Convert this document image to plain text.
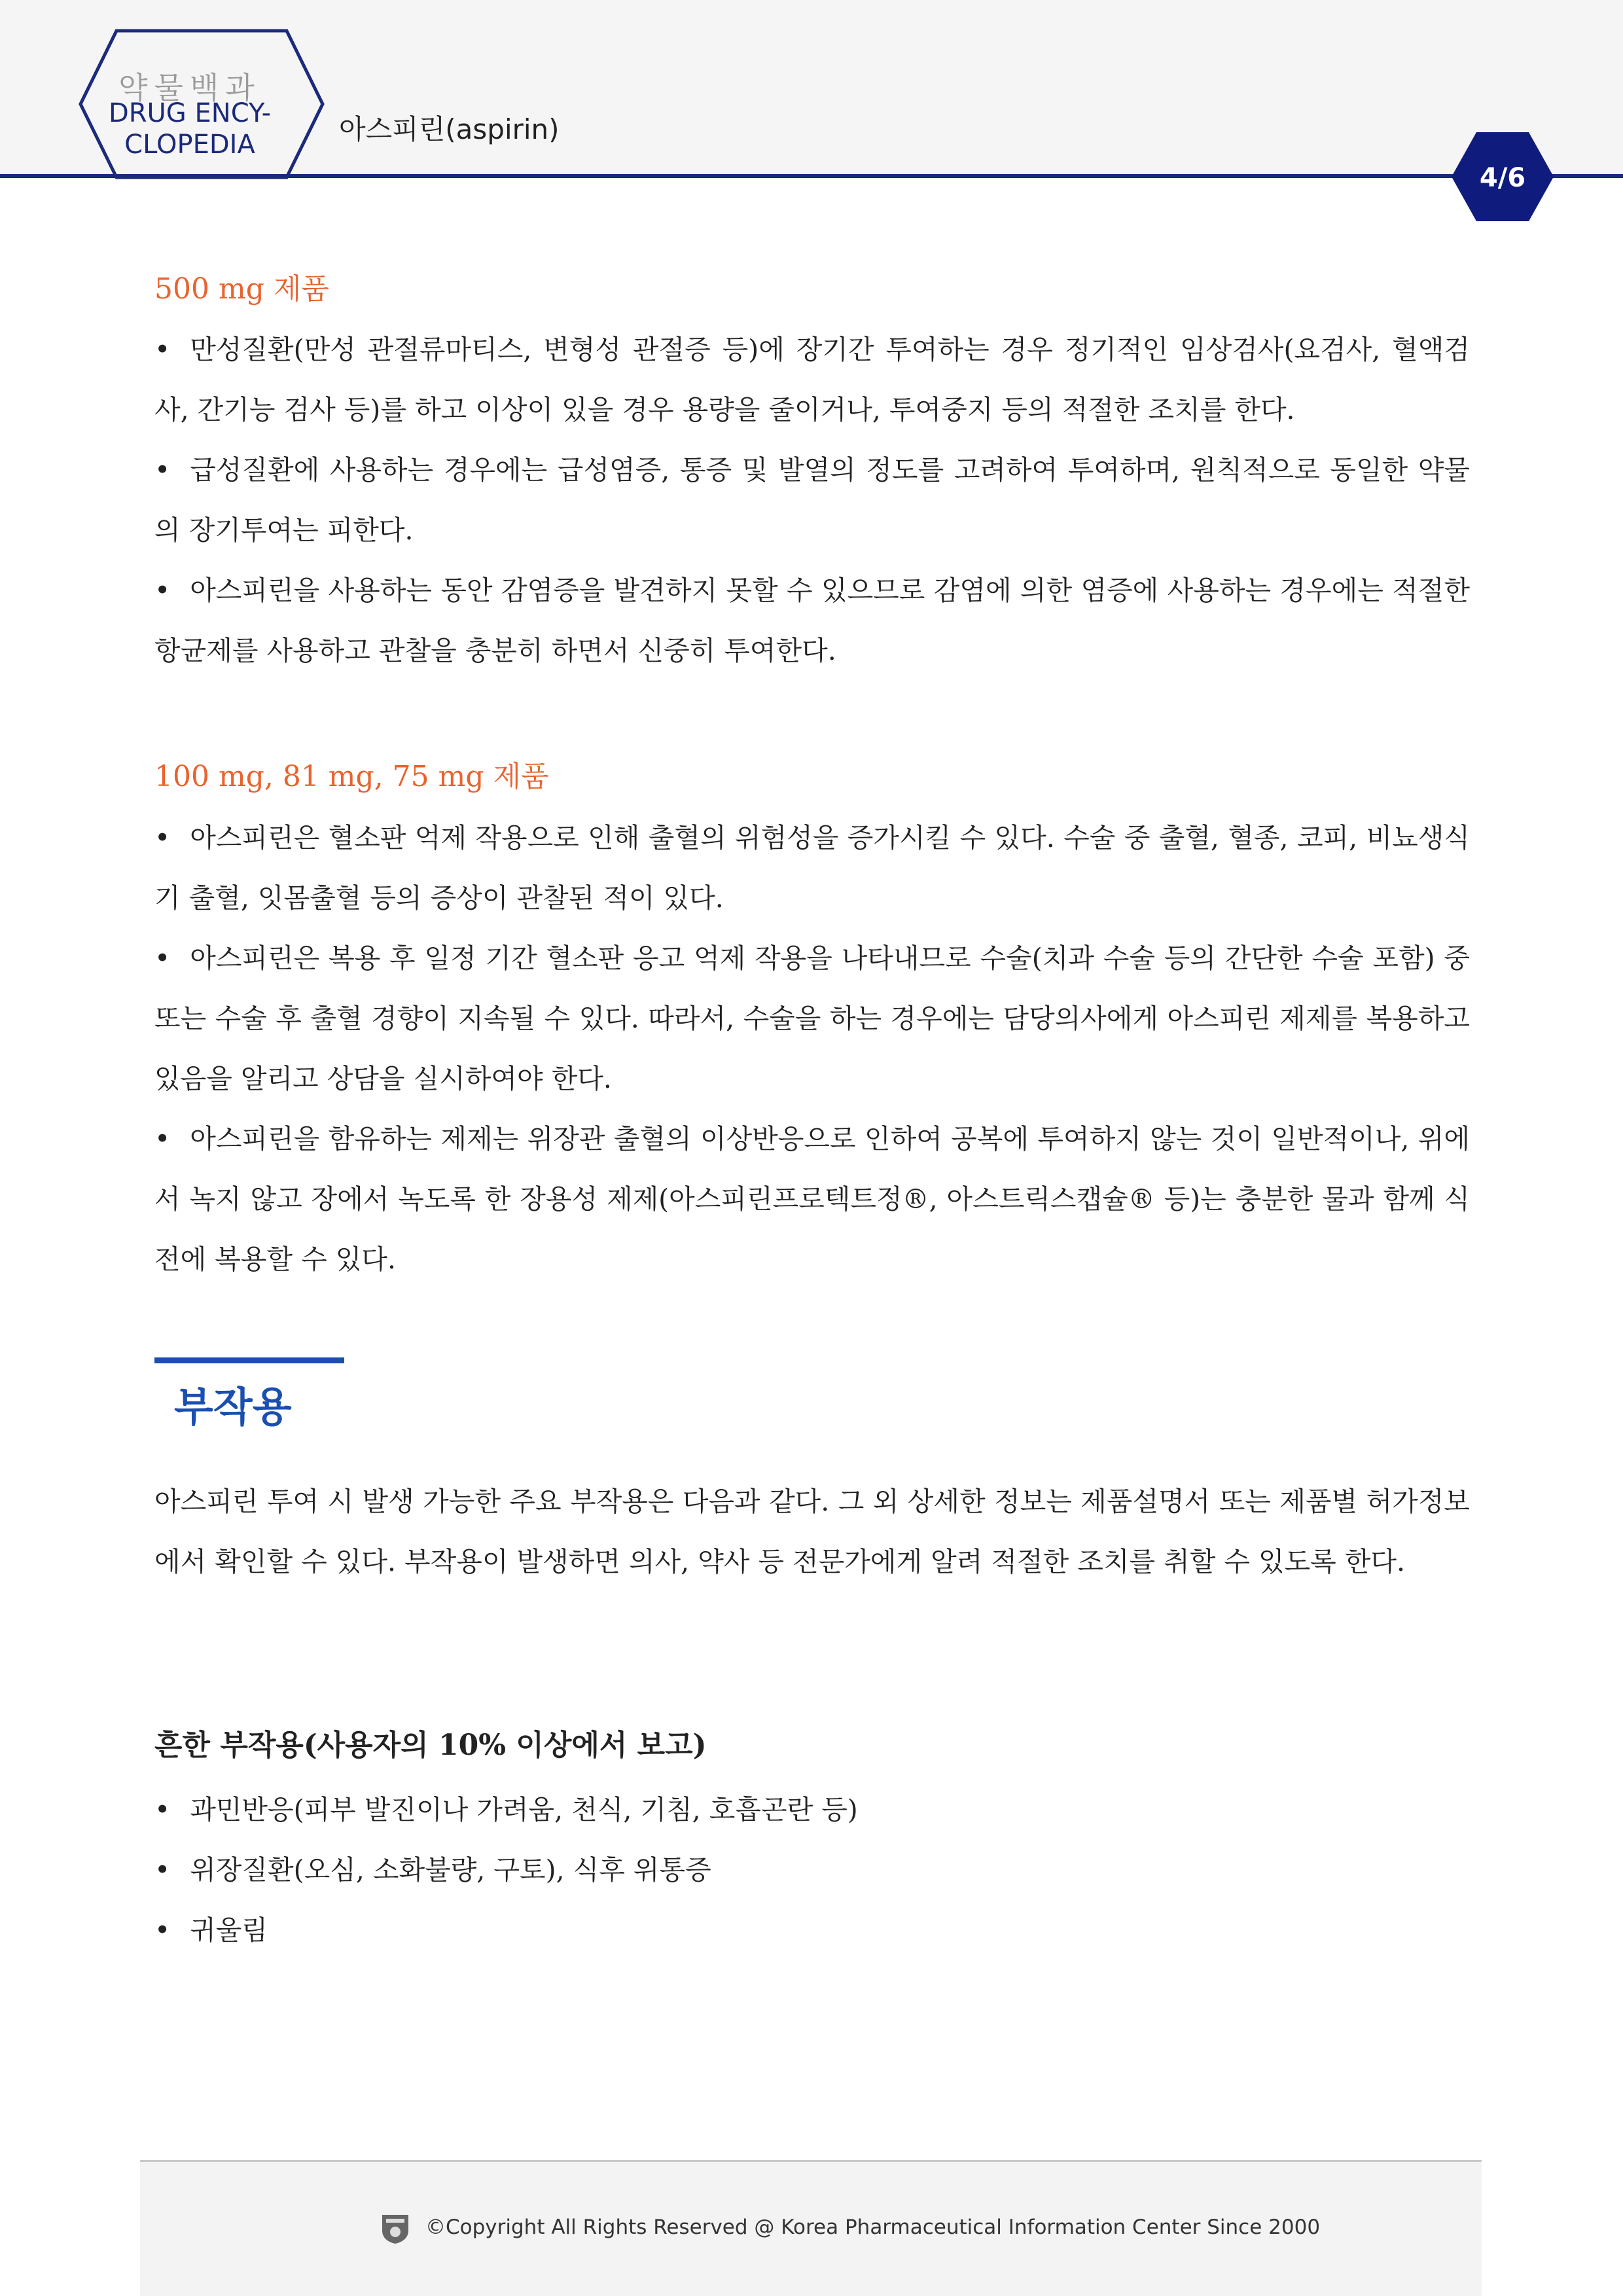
약물백과
DRUG ENCY-
CLOPEDIA	아스피린(aspirin)
4/6

500 mg 제품

• 만성질환(만성 관절류마티스, 변형성 관절증 등)에 장기간 투여하는 경우 정기적인 임상검사(요검사, 혈액검사, 간기능 검사 등)를 하고 이상이 있을 경우 용량을 줄이거나, 투여중지 등의 적절한 조치를 한다.

• 급성질환에 사용하는 경우에는 급성염증, 통증 및 발열의 정도를 고려하여 투여하며, 원칙적으로 동일한 약물의 장기투여는 피한다.

• 아스피린을 사용하는 동안 감염증을 발견하지 못할 수 있으므로 감염에 의한 염증에 사용하는 경우에는 적절한 항균제를 사용하고 관찰을 충분히 하면서 신중히 투여한다.

100 mg, 81 mg, 75 mg 제품

• 아스피린은 혈소판 억제 작용으로 인해 출혈의 위험성을 증가시킬 수 있다. 수술 중 출혈, 혈종, 코피, 비뇨생식기 출혈, 잇몸출혈 등의 증상이 관찰된 적이 있다.

• 아스피린은 복용 후 일정 기간 혈소판 응고 억제 작용을 나타내므로 수술(치과 수술 등의 간단한 수술 포함) 중 또는 수술 후 출혈 경향이 지속될 수 있다. 따라서, 수술을 하는 경우에는 담당의사에게 아스피린 제제를 복용하고 있음을 알리고 상담을 실시하여야 한다.

• 아스피린을 함유하는 제제는 위장관 출혈의 이상반응으로 인하여 공복에 투여하지 않는 것이 일반적이나, 위에서 녹지 않고 장에서 녹도록 한 장용성 제제(아스피린프로텍트정®, 아스트릭스캡슐® 등)는 충분한 물과 함께 식전에 복용할 수 있다.

부작용

아스피린 투여 시 발생 가능한 주요 부작용은 다음과 같다. 그 외 상세한 정보는 제품설명서 또는 제품별 허가정보에서 확인할 수 있다. 부작용이 발생하면 의사, 약사 등 전문가에게 알려 적절한 조치를 취할 수 있도록 한다.

흔한 부작용(사용자의 10% 이상에서 보고)

• 과민반응(피부 발진이나 가려움, 천식, 기침, 호흡곤란 등)

• 위장질환(오심, 소화불량, 구토), 식후 위통증

• 귀울림

©Copyright All Rights Reserved @ Korea Pharmaceutical Information Center Since 2000
